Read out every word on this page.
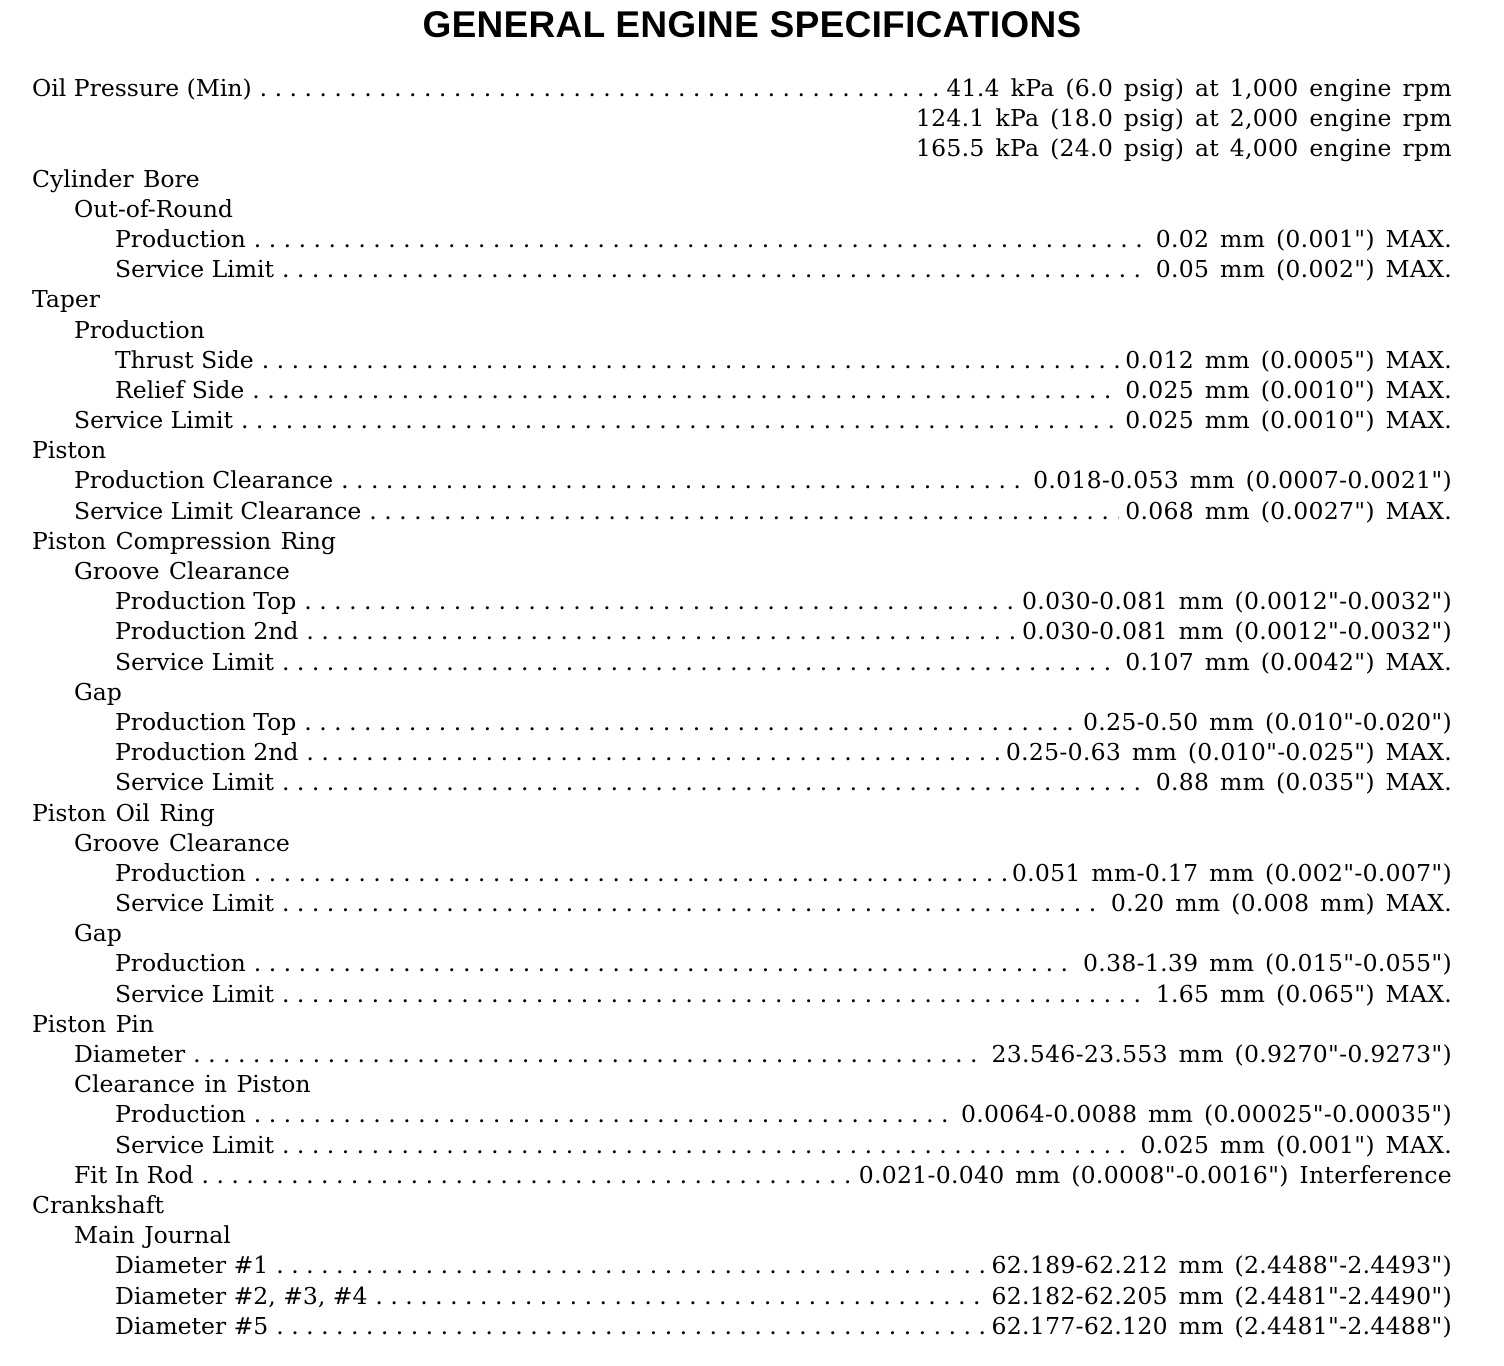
GENERAL ENGINE SPECIFICATIONS
Oil Pressure (Min) . . .	41.4 kPa (6.0 psig) at 1,000 engine rpm
124.1 kPa (18.0 psig) at 2,000 engine rpm
165.5 kPa (24.0 psig) at 4,000 engine rpm
Cylinder Bore
Out-of-Round
Production . . .	0.02 mm (0.001") MAX.
Service Limit . . .	0.05 mm (0.002") MAX.
Taper
Production
Thrust Side . . .	0.012 mm (0.0005") MAX.
Relief Side . . .	0.025 mm (0.0010") MAX.
Service Limit . . .	0.025 mm (0.0010") MAX.
Piston
Production Clearance . . .	0.018-0.053 mm (0.0007-0.0021")
Service Limit Clearance . . .	0.068 mm (0.0027") MAX.
Piston Compression Ring
Groove Clearance
Production Top . . .	0.030-0.081 mm (0.0012"-0.0032")
Production 2nd . . .	0.030-0.081 mm (0.0012"-0.0032")
Service Limit . . .	0.107 mm (0.0042") MAX.
Gap
Production Top . . .	0.25-0.50 mm (0.010"-0.020")
Production 2nd . . .	0.25-0.63 mm (0.010"-0.025") MAX.
Service Limit . . .	0.88 mm (0.035") MAX.
Piston Oil Ring
Groove Clearance
Production . . .	0.051 mm-0.17 mm (0.002"-0.007")
Service Limit . . .	0.20 mm (0.008 mm) MAX.
Gap
Production . . .	0.38-1.39 mm (0.015"-0.055")
Service Limit . . .	1.65 mm (0.065") MAX.
Piston Pin
Diameter . . .	23.546-23.553 mm (0.9270"-0.9273")
Clearance in Piston
Production . . .	0.0064-0.0088 mm (0.00025"-0.00035")
Service Limit . . .	0.025 mm (0.001") MAX.
Fit In Rod . . .	0.021-0.040 mm (0.0008"-0.0016") Interference
Crankshaft
Main Journal
Diameter #1 . . .	62.189-62.212 mm (2.4488"-2.4493")
Diameter #2, #3, #4 . . .	62.182-62.205 mm (2.4481"-2.4490")
Diameter #5 . . .	62.177-62.120 mm (2.4481"-2.4488")
